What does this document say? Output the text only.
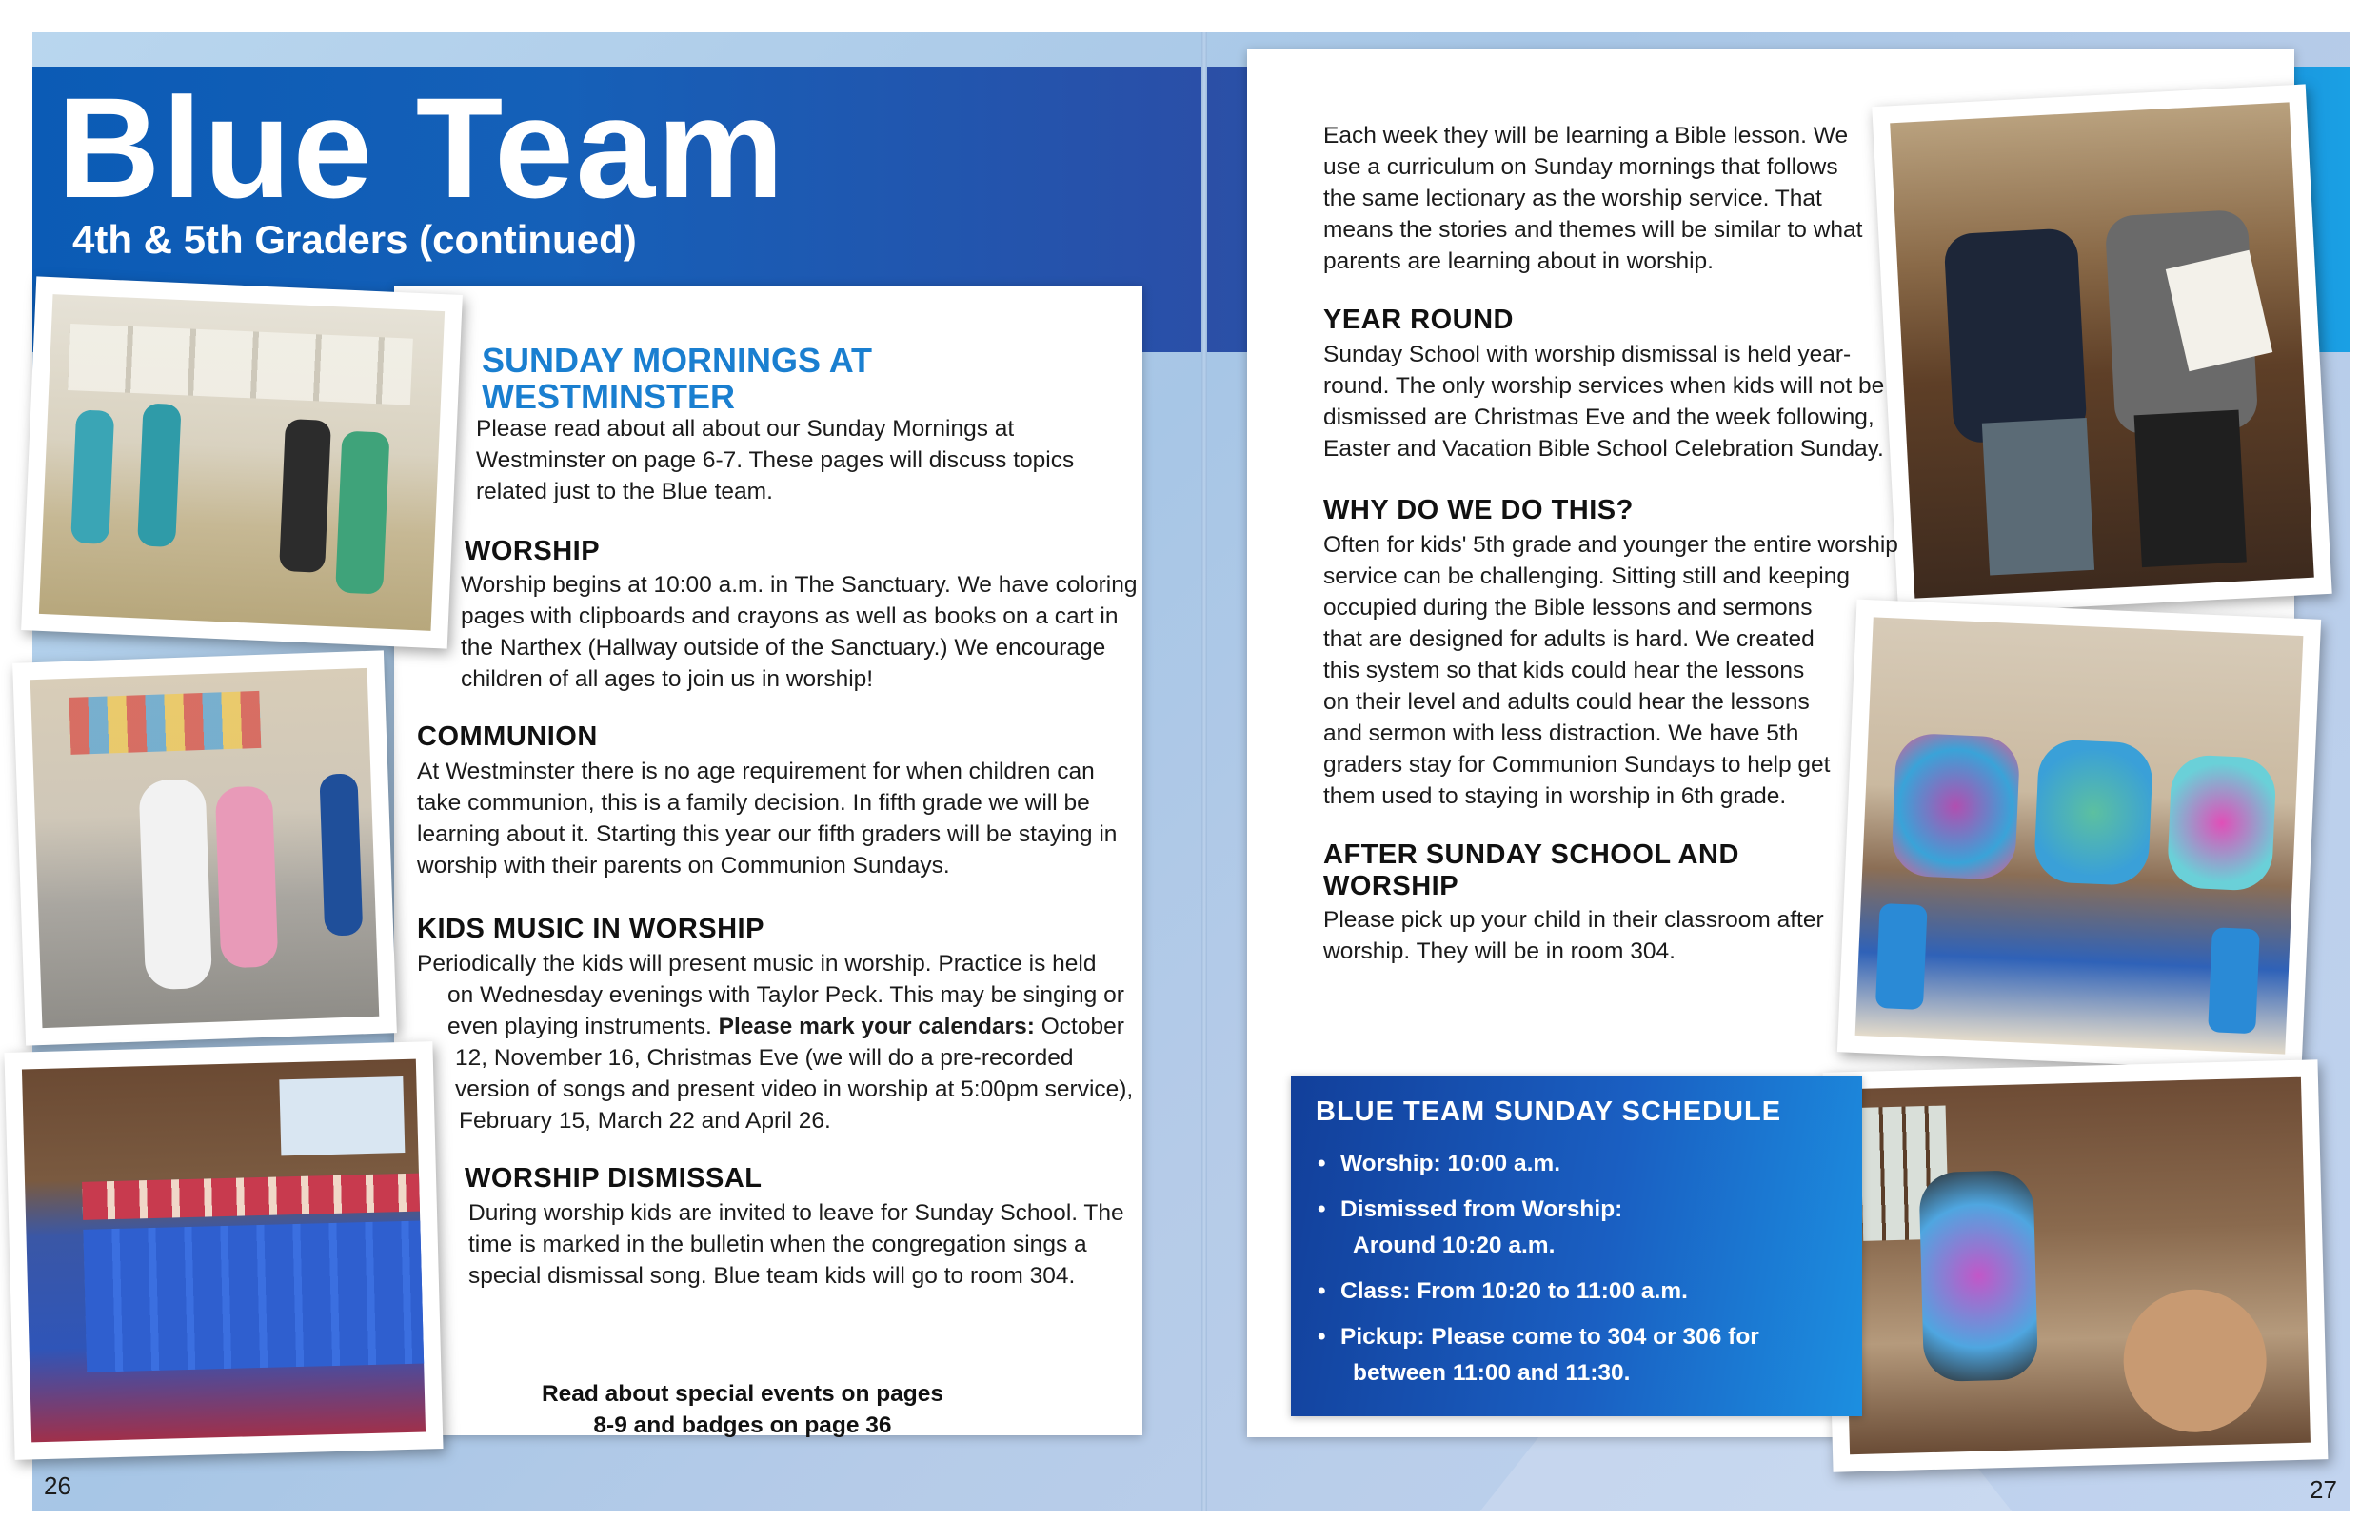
Blue Team
4th & 5th Graders (continued)
SUNDAY MORNINGS AT
WESTMINSTER

Please read about all about our Sunday Mornings at
Westminster on page 6-7. These pages will discuss topics
related just to the Blue team.

WORSHIP

Worship begins at 10:00 a.m. in The Sanctuary. We have coloring
pages with clipboards and crayons as well as books on a cart in
the Narthex (Hallway outside of the Sanctuary.) We encourage
children of all ages to join us in worship!

COMMUNION

At Westminster there is no age requirement for when children can
take communion, this is a family decision. In fifth grade we will be
learning about it. Starting this year our fifth graders will be staying in
worship with their parents on Communion Sundays.

KIDS MUSIC IN WORSHIP

Periodically the kids will present music in worship. Practice is held
on Wednesday evenings with Taylor Peck. This may be singing or
even playing instruments. Please mark your calendars: October
12, November 16, Christmas Eve (we will do a pre-recorded
version of songs and present video in worship at 5:00pm service),
February 15, March 22 and April 26.

WORSHIP DISMISSAL

During worship kids are invited to leave for Sunday School. The
time is marked in the bulletin when the congregation sings a
special dismissal song. Blue team kids will go to room 304.

Read about special events on pages
8-9 and badges on page 36
26

Each week they will be learning a Bible lesson. We
use a curriculum on Sunday mornings that follows
the same lectionary as the worship service. That
means the stories and themes will be similar to what
parents are learning about in worship.

YEAR ROUND

Sunday School with worship dismissal is held year-
round. The only worship services when kids will not be
dismissed are Christmas Eve and the week following,
Easter and Vacation Bible School Celebration Sunday.

WHY DO WE DO THIS?

Often for kids' 5th grade and younger the entire worship
service can be challenging. Sitting still and keeping
occupied during the Bible lessons and sermons
that are designed for adults is hard. We created
this system so that kids could hear the lessons
on their level and adults could hear the lessons
and sermon with less distraction. We have 5th
graders stay for Communion Sundays to help get
them used to staying in worship in 6th grade.

AFTER SUNDAY SCHOOL AND
WORSHIP

Please pick up your child in their classroom after
worship. They will be in room 304.

BLUE TEAM SUNDAY SCHEDULE
• Worship: 10:00 a.m.
• Dismissed from Worship:
Around 10:20 a.m.
• Class: From 10:20 to 11:00 a.m.
• Pickup: Please come to 304 or 306 for
between 11:00 and 11:30.
27
